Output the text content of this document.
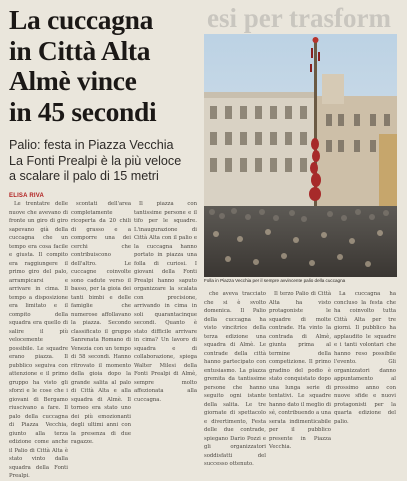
La cuccagna
in Città Alta
Almè vince
in 45 secondi
esi per trasform
Palio: festa in Piazza Vecchia
La Fonti Prealpi è la più veloce
a scalare il palo di 15 metri
ELISA RIVA

Le trentatre delle nuove che avevano di fronte un giro di giro sapevano già della cuccagna che un tempo era cosa facile e giusta. Il compito era raggiungere il primo giro del palo, arrampicarsi e arrivare in cima. Il tempo a disposizione era limitato e il compito della squadra era quello di salire il più velocemente possibile. Le squadre erano piazza. Il pubblico seguiva con attenzione e il primo gruppo ha visto gli sforzi e le cose che i giovani di Bergamo riuscivano a fare. Il palo della cuccagna di Piazza Vecchia, giunto alla terza edizione come anche il Palio di Città Alta è stato vinto dalla squadra della Fonti Prealpi.

scontati dell'area completamente ricoperta da 20 chili di grasso e a comporre una dei cerchi che contribuiscono dell'altro. Le cuccagne coinvolte sono cadute verso il basso, per la gioia dei tanti bimbi e delle famiglie che numerose affollavano la piazza. Secondo classificato il gruppo Sanrenata Romano di Venezia con un tempo di 58 secondi. Hanno ritrovato il momento della gioia dopo la grande salita al palo di Città Alta e alla squadra di Almè. Il torneo era stato uno dei più emozionanti degli ultimi anni con la presenza di due ragazze.

Il piazza con tantissime persone e il tifo per le squadre. L'inaugurazione di Città Alta con il palio e la cuccagna hanno portato in piazza una folla di curiosi. I giovani della Fonti Prealpi hanno saputo organizzare la scalata con precisione, arrivando in cima in soli quarantacinque secondi. Quanto è stato difficile arrivare in cima? Un lavoro di squadra e di collaborazione, spiega Walter Milesi della Fonti Prealpi di Almè, sempre molto affezionata alla cuccagna.

Folla in Piazza Vecchia per il sempre avvincente palio della cuccagna

che aveva tracciato che si è svolto domenica. Il Palio della cuccagna ha visto vincitrice della terza edizione una squadra di Almè. Le contrade della città hanno partecipato con entusiasmo. La piazza gremita da tantissime persone che hanno seguito ogni istante della salita. Le tre giornate di spettacolo e divertimento, Festa delle due contrade, spiegano Dario Pozzi e gli organizzatori soddisfatti del successo ottenuto.

Il terzo Palio di Città Alta ha visto protagoniste le squadre di molte contrade. Ha vinto la contrada di Almè, giunta prima al termine della competizione. Il primo gradino del podio è stato conquistato dopo una lunga serie di tentativi. Le squadre hanno dato il meglio di sé, contribuendo a una serata indimenticabile per il pubblico presente in Piazza Vecchia.

La cuccagna ha concluso la festa che ha coinvolto tutta Città Alta per tre giorni. Il pubblico ha applaudito le squadre e i tanti volontari che hanno reso possibile l'evento. Gli organizzatori danno appuntamento al prossimo anno con nuove sfide e nuovi protagonisti per la quarta edizione del palio.
